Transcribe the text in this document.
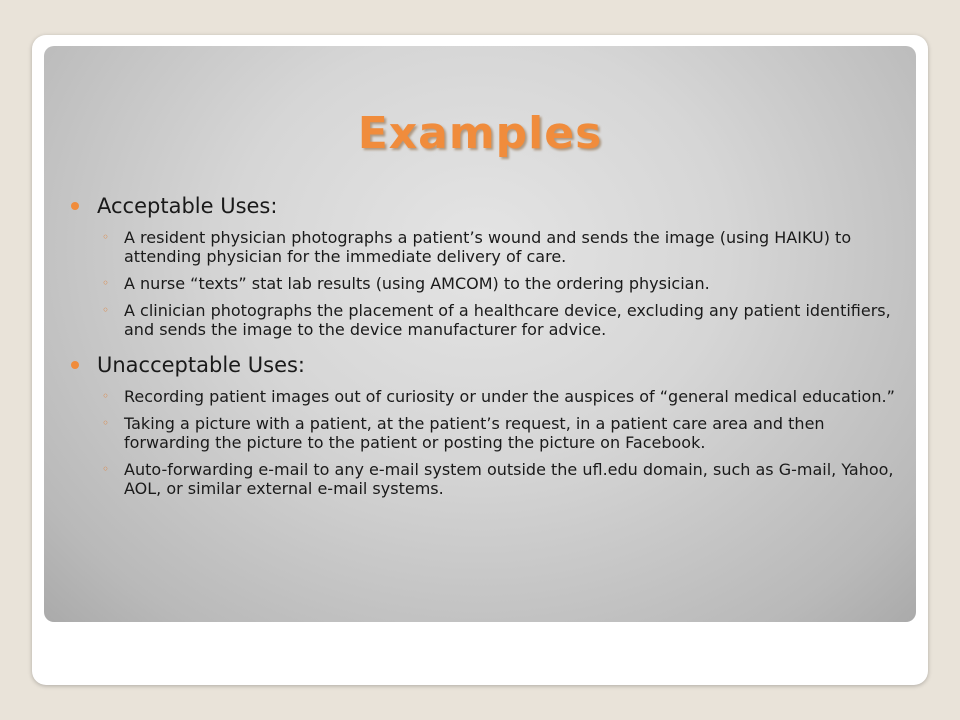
Examples
Acceptable Uses:
◦ A resident physician photographs a patient’s wound and sends the image (using HAIKU) to attending physician for the immediate delivery of care.
◦ A nurse “texts” stat lab results (using AMCOM) to the ordering physician.
◦ A clinician photographs the placement of a healthcare device, excluding any patient identifiers, and sends the image to the device manufacturer for advice.
Unacceptable Uses:
◦ Recording patient images out of curiosity or under the auspices of “general medical education.”
◦ Taking a picture with a patient, at the patient’s request, in a patient care area and then forwarding the picture to the patient or posting the picture on Facebook.
◦ Auto-forwarding e-mail to any e-mail system outside the ufl.edu domain, such as G-mail, Yahoo, AOL, or similar external e-mail systems.
